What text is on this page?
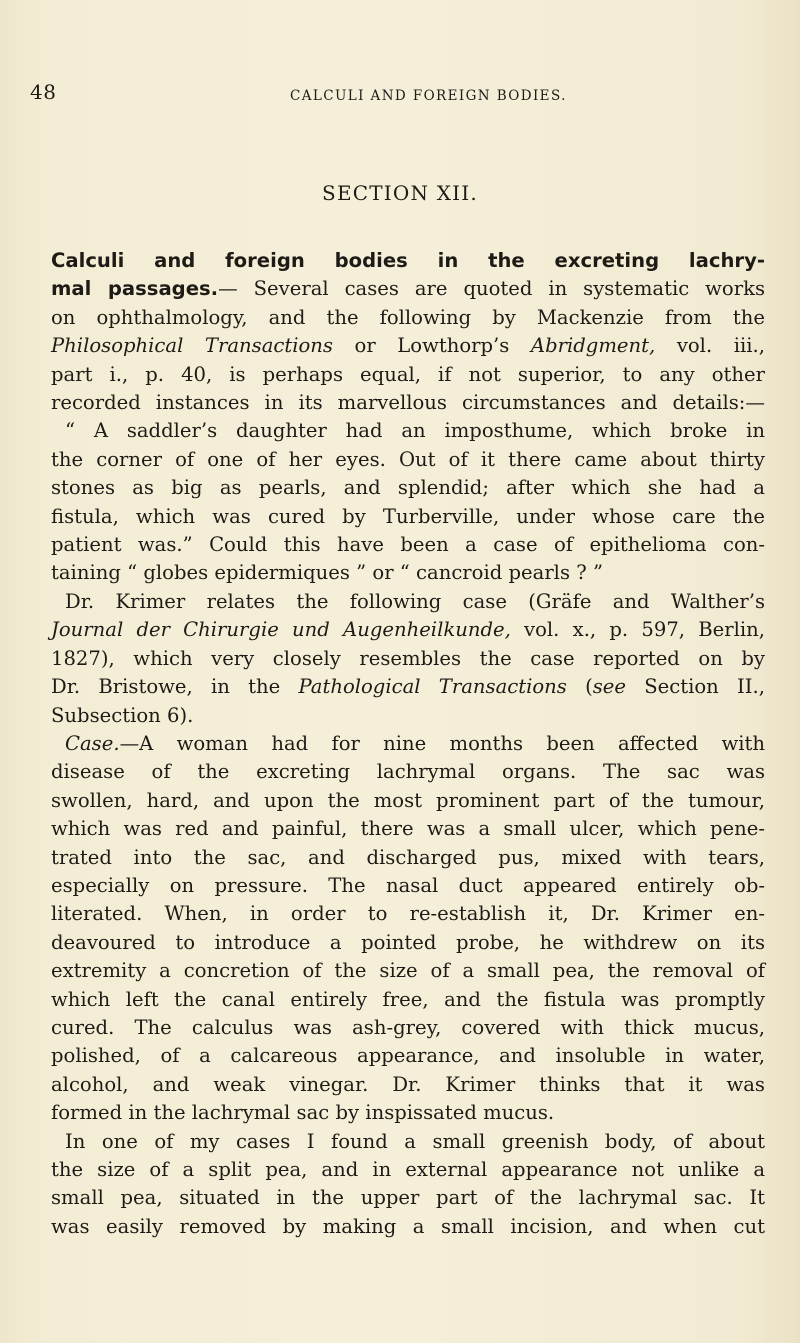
48	CALCULI AND FOREIGN BODIES.
SECTION XII.
Calculi and foreign bodies in the excreting lachry-
mal passages.— Several cases are quoted in systematic works
on ophthalmology, and the following by Mackenzie from the
Philosophical Transactions or Lowthorp’s Abridgment, vol. iii.,
part i., p. 40, is perhaps equal, if not superior, to any other
recorded instances in its marvellous circumstances and details:—
“ A saddler’s daughter had an imposthume, which broke in
the corner of one of her eyes. Out of it there came about thirty
stones as big as pearls, and splendid; after which she had a
fistula, which was cured by Turberville, under whose care the
patient was.” Could this have been a case of epithelioma con-
taining “ globes epidermiques ” or “ cancroid pearls ? ”
Dr. Krimer relates the following case (Gräfe and Walther’s
Journal der Chirurgie und Augenheilkunde, vol. x., p. 597, Berlin,
1827), which very closely resembles the case reported on by
Dr. Bristowe, in the Pathological Transactions (see Section II.,
Subsection 6).
Case.—A woman had for nine months been affected with
disease of the excreting lachrymal organs. The sac was
swollen, hard, and upon the most prominent part of the tumour,
which was red and painful, there was a small ulcer, which pene-
trated into the sac, and discharged pus, mixed with tears,
especially on pressure. The nasal duct appeared entirely ob-
literated. When, in order to re-establish it, Dr. Krimer en-
deavoured to introduce a pointed probe, he withdrew on its
extremity a concretion of the size of a small pea, the removal of
which left the canal entirely free, and the fistula was promptly
cured. The calculus was ash-grey, covered with thick mucus,
polished, of a calcareous appearance, and insoluble in water,
alcohol, and weak vinegar. Dr. Krimer thinks that it was
formed in the lachrymal sac by inspissated mucus.
In one of my cases I found a small greenish body, of about
the size of a split pea, and in external appearance not unlike a
small pea, situated in the upper part of the lachrymal sac. It
was easily removed by making a small incision, and when cut
